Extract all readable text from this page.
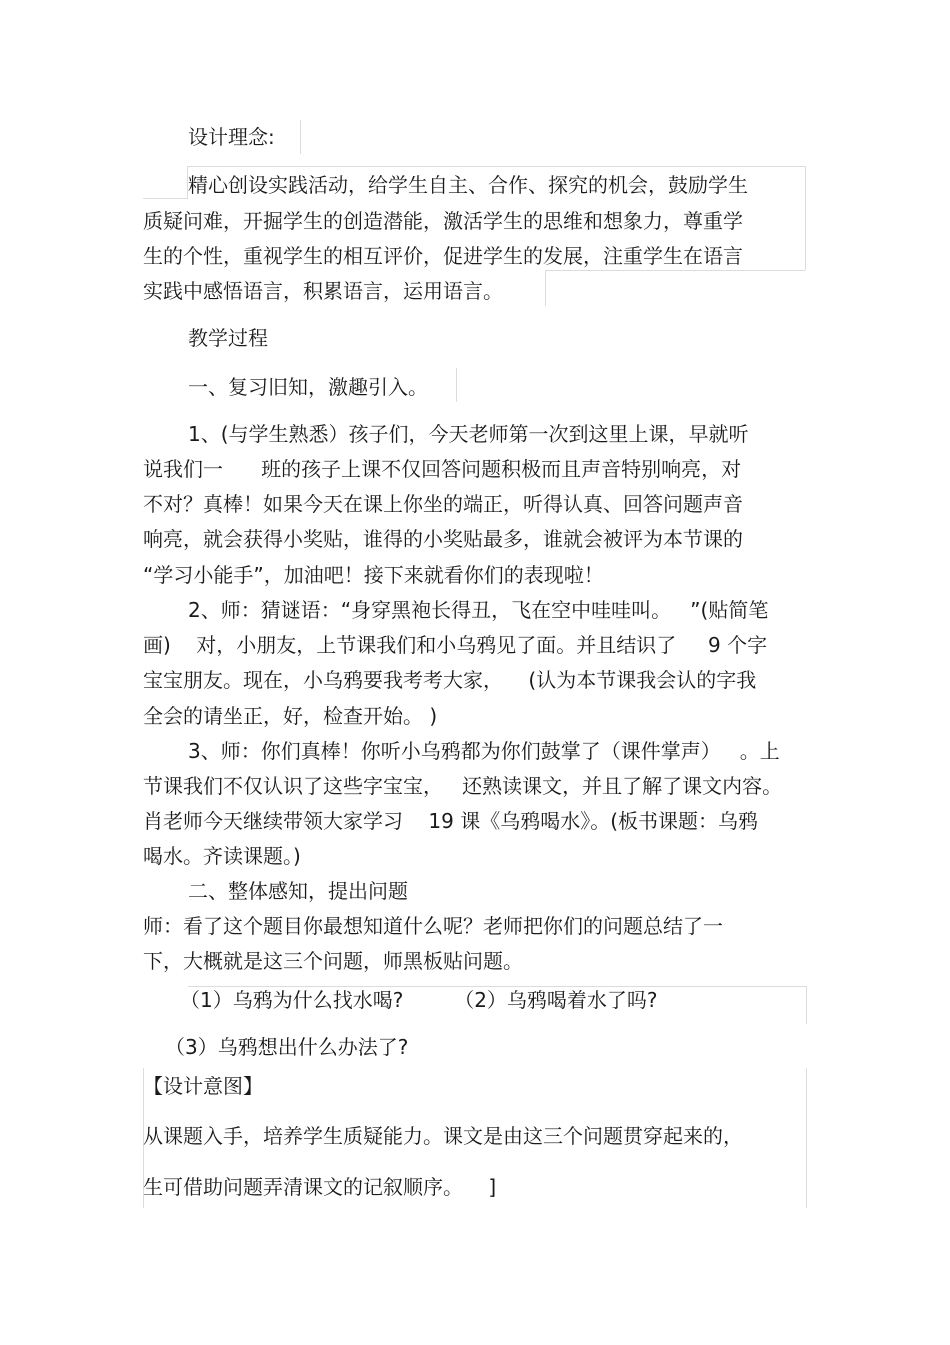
设计理念:
精心创设实践活动，给学生自主、合作、探究的机会，鼓励学生
质疑问难，开掘学生的创造潜能，激活学生的思维和想象力，尊重学
生的个性，重视学生的相互评价，促进学生的发展，注重学生在语言
实践中感悟语言，积累语言，运用语言。
教学过程
一、复习旧知，激趣引入。
1、(与学生熟悉）孩子们，今天老师第一次到这里上课，早就听
说我们一      班的孩子上课不仅回答问题积极而且声音特别响亮，对
不对？真棒！如果今天在课上你坐的端正，听得认真、回答问题声音
响亮，就会获得小奖贴，谁得的小奖贴最多，谁就会被评为本节课的
“学习小能手”，加油吧！接下来就看你们的表现啦！
2、师：猜谜语：“身穿黑袍长得丑，飞在空中哇哇叫。   ”(贴简笔
画)    对，小朋友，上节课我们和小乌鸦见了面。并且结识了     9 个字
宝宝朋友。现在，小乌鸦要我考考大家，    (认为本节课我会认的字我
全会的请坐正，好，检查开始。 )
3、师：你们真棒！你听小乌鸦都为你们鼓掌了（课件掌声）   。上
节课我们不仅认识了这些字宝宝，   还熟读课文，并且了解了课文内容。
肖老师今天继续带领大家学习    19 课《乌鸦喝水》。(板书课题：乌鸦
喝水。齐读课题。)
二、整体感知，提出问题
师：看了这个题目你最想知道什么呢？老师把你们的问题总结了一
下，大概就是这三个问题，师黑板贴问题。
（1）乌鸦为什么找水喝?        （2）乌鸦喝着水了吗?
（3）乌鸦想出什么办法了?
【设计意图】
从课题入手，培养学生质疑能力。课文是由这三个问题贯穿起来的，
生可借助问题弄清课文的记叙顺序。    ]
